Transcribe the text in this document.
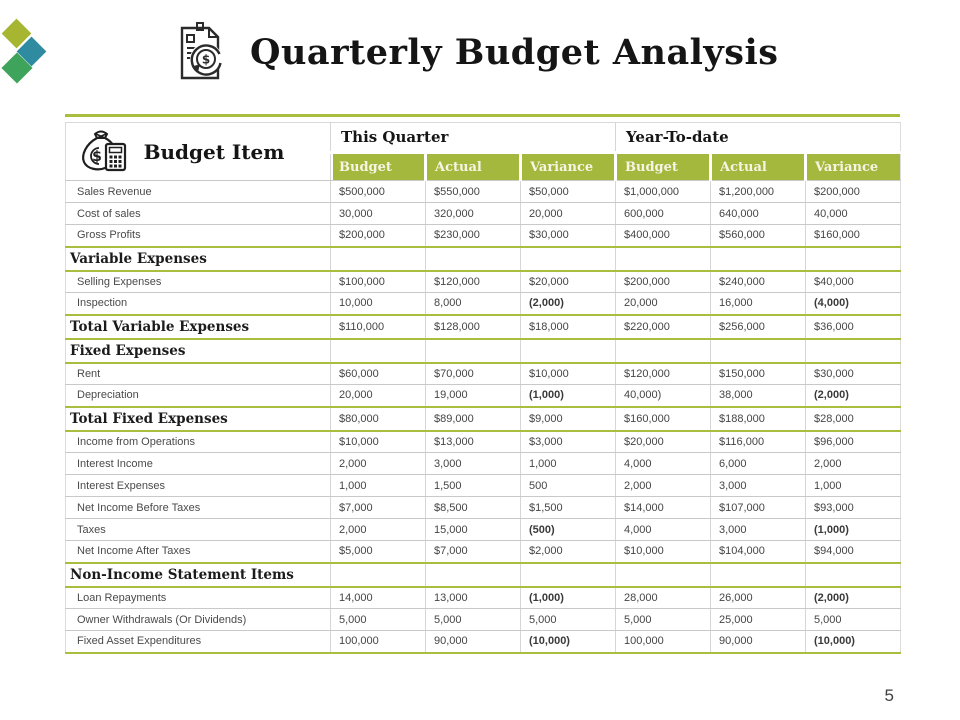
$ Quarterly Budget Analysis
$ Budget Item	This Quarter			Year-To-date		
	Budget	Actual	Variance	Budget	Actual	Variance
Sales Revenue	$500,000	$550,000	$50,000	$1,000,000	$1,200,000	$200,000
Cost of sales	30,000	320,000	20,000	600,000	640,000	40,000
Gross Profits	$200,000	$230,000	$30,000	$400,000	$560,000	$160,000
Variable Expenses						
Selling Expenses	$100,000	$120,000	$20,000	$200,000	$240,000	$40,000
Inspection	10,000	8,000	(2,000)	20,000	16,000	(4,000)
Total Variable Expenses	$110,000	$128,000	$18,000	$220,000	$256,000	$36,000
Fixed Expenses						
Rent	$60,000	$70,000	$10,000	$120,000	$150,000	$30,000
Depreciation	20,000	19,000	(1,000)	40,000)	38,000	(2,000)
Total Fixed Expenses	$80,000	$89,000	$9,000	$160,000	$188,000	$28,000
Income from Operations	$10,000	$13,000	$3,000	$20,000	$116,000	$96,000
Interest Income	2,000	3,000	1,000	4,000	6,000	2,000
Interest Expenses	1,000	1,500	500	2,000	3,000	1,000
Net Income Before Taxes	$7,000	$8,500	$1,500	$14,000	$107,000	$93,000
Taxes	2,000	15,000	(500)	4,000	3,000	(1,000)
Net Income After Taxes	$5,000	$7,000	$2,000	$10,000	$104,000	$94,000
Non-Income Statement Items						
Loan Repayments	14,000	13,000	(1,000)	28,000	26,000	(2,000)
Owner Withdrawals (Or Dividends)	5,000	5,000	5,000	5,000	25,000	5,000
Fixed Asset Expenditures	100,000	90,000	(10,000)	100,000	90,000	(10,000)
5
